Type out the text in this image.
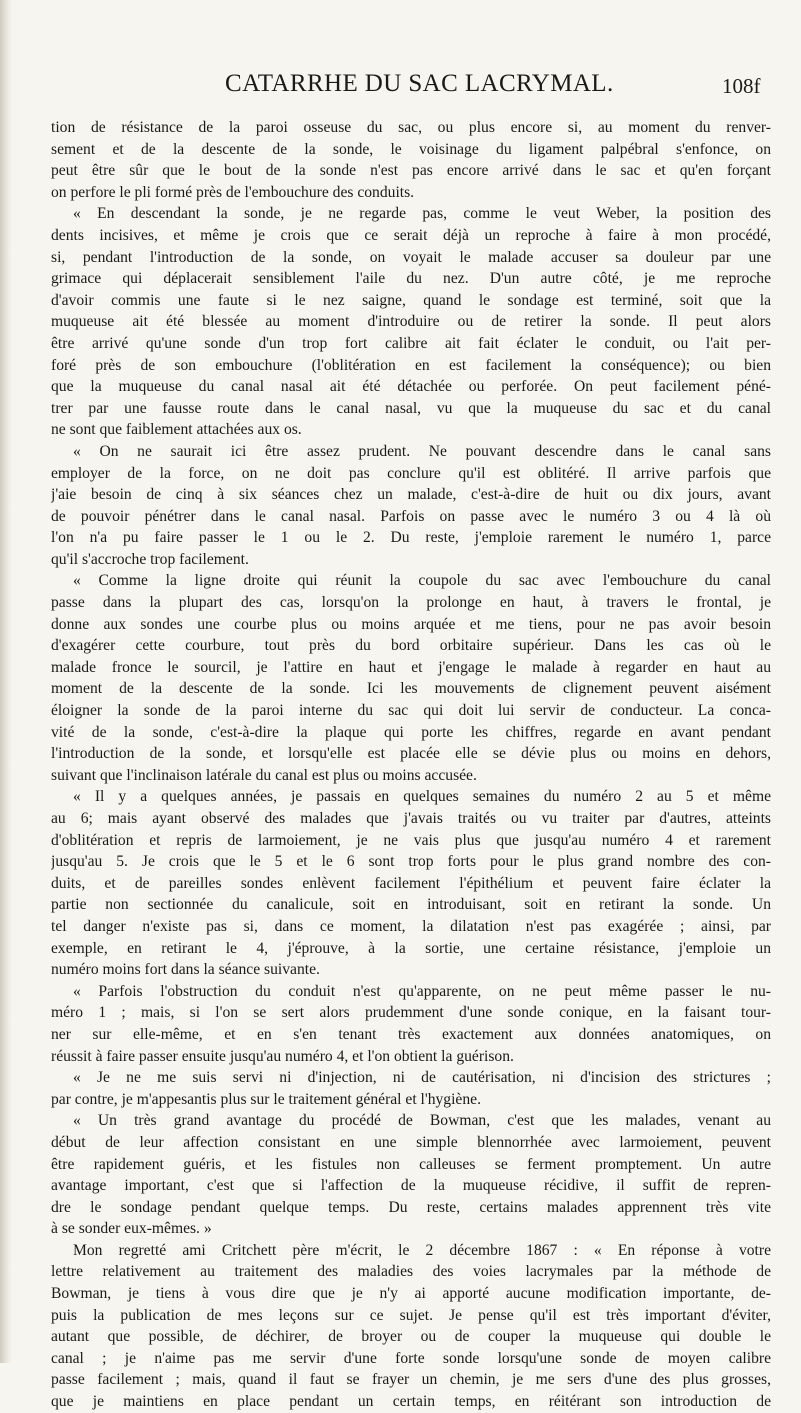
CATARRHE DU SAC LACRYMAL.	108f
tion de résistance de la paroi osseuse du sac, ou plus encore si, au moment du renver-
sement et de la descente de la sonde, le voisinage du ligament palpébral s'enfonce, on
peut être sûr que le bout de la sonde n'est pas encore arrivé dans le sac et qu'en forçant
on perfore le pli formé près de l'embouchure des conduits.
« En descendant la sonde, je ne regarde pas, comme le veut Weber, la position des
dents incisives, et même je crois que ce serait déjà un reproche à faire à mon procédé,
si, pendant l'introduction de la sonde, on voyait le malade accuser sa douleur par une
grimace qui déplacerait sensiblement l'aile du nez. D'un autre côté, je me reproche
d'avoir commis une faute si le nez saigne, quand le sondage est terminé, soit que la
muqueuse ait été blessée au moment d'introduire ou de retirer la sonde. Il peut alors
être arrivé qu'une sonde d'un trop fort calibre ait fait éclater le conduit, ou l'ait per-
foré près de son embouchure (l'oblitération en est facilement la conséquence); ou bien
que la muqueuse du canal nasal ait été détachée ou perforée. On peut facilement péné-
trer par une fausse route dans le canal nasal, vu que la muqueuse du sac et du canal
ne sont que faiblement attachées aux os.
« On ne saurait ici être assez prudent. Ne pouvant descendre dans le canal sans
employer de la force, on ne doit pas conclure qu'il est oblitéré. Il arrive parfois que
j'aie besoin de cinq à six séances chez un malade, c'est-à-dire de huit ou dix jours, avant
de pouvoir pénétrer dans le canal nasal. Parfois on passe avec le numéro 3 ou 4 là où
l'on n'a pu faire passer le 1 ou le 2. Du reste, j'emploie rarement le numéro 1, parce
qu'il s'accroche trop facilement.
« Comme la ligne droite qui réunit la coupole du sac avec l'embouchure du canal
passe dans la plupart des cas, lorsqu'on la prolonge en haut, à travers le frontal, je
donne aux sondes une courbe plus ou moins arquée et me tiens, pour ne pas avoir besoin
d'exagérer cette courbure, tout près du bord orbitaire supérieur. Dans les cas où le
malade fronce le sourcil, je l'attire en haut et j'engage le malade à regarder en haut au
moment de la descente de la sonde. Ici les mouvements de clignement peuvent aisément
éloigner la sonde de la paroi interne du sac qui doit lui servir de conducteur. La conca-
vité de la sonde, c'est-à-dire la plaque qui porte les chiffres, regarde en avant pendant
l'introduction de la sonde, et lorsqu'elle est placée elle se dévie plus ou moins en dehors,
suivant que l'inclinaison latérale du canal est plus ou moins accusée.
« Il y a quelques années, je passais en quelques semaines du numéro 2 au 5 et même
au 6; mais ayant observé des malades que j'avais traités ou vu traiter par d'autres, atteints
d'oblitération et repris de larmoiement, je ne vais plus que jusqu'au numéro 4 et rarement
jusqu'au 5. Je crois que le 5 et le 6 sont trop forts pour le plus grand nombre des con-
duits, et de pareilles sondes enlèvent facilement l'épithélium et peuvent faire éclater la
partie non sectionnée du canalicule, soit en introduisant, soit en retirant la sonde. Un
tel danger n'existe pas si, dans ce moment, la dilatation n'est pas exagérée ; ainsi, par
exemple, en retirant le 4, j'éprouve, à la sortie, une certaine résistance, j'emploie un
numéro moins fort dans la séance suivante.
« Parfois l'obstruction du conduit n'est qu'apparente, on ne peut même passer le nu-
méro 1 ; mais, si l'on se sert alors prudemment d'une sonde conique, en la faisant tour-
ner sur elle-même, et en s'en tenant très exactement aux données anatomiques, on
réussit à faire passer ensuite jusqu'au numéro 4, et l'on obtient la guérison.
« Je ne me suis servi ni d'injection, ni de cautérisation, ni d'incision des strictures ;
par contre, je m'appesantis plus sur le traitement général et l'hygiène.
« Un très grand avantage du procédé de Bowman, c'est que les malades, venant au
début de leur affection consistant en une simple blennorrhée avec larmoiement, peuvent
être rapidement guéris, et les fistules non calleuses se ferment promptement. Un autre
avantage important, c'est que si l'affection de la muqueuse récidive, il suffit de repren-
dre le sondage pendant quelque temps. Du reste, certains malades apprennent très vite
à se sonder eux-mêmes. »
Mon regretté ami Critchett père m'écrit, le 2 décembre 1867 : « En réponse à votre
lettre relativement au traitement des maladies des voies lacrymales par la méthode de
Bowman, je tiens à vous dire que je n'y ai apporté aucune modification importante, de-
puis la publication de mes leçons sur ce sujet. Je pense qu'il est très important d'éviter,
autant que possible, de déchirer, de broyer ou de couper la muqueuse qui double le
canal ; je n'aime pas me servir d'une forte sonde lorsqu'une sonde de moyen calibre
passe facilement ; mais, quand il faut se frayer un chemin, je me sers d'une des plus grosses,
que je maintiens en place pendant un certain temps, en réitérant son introduction de
